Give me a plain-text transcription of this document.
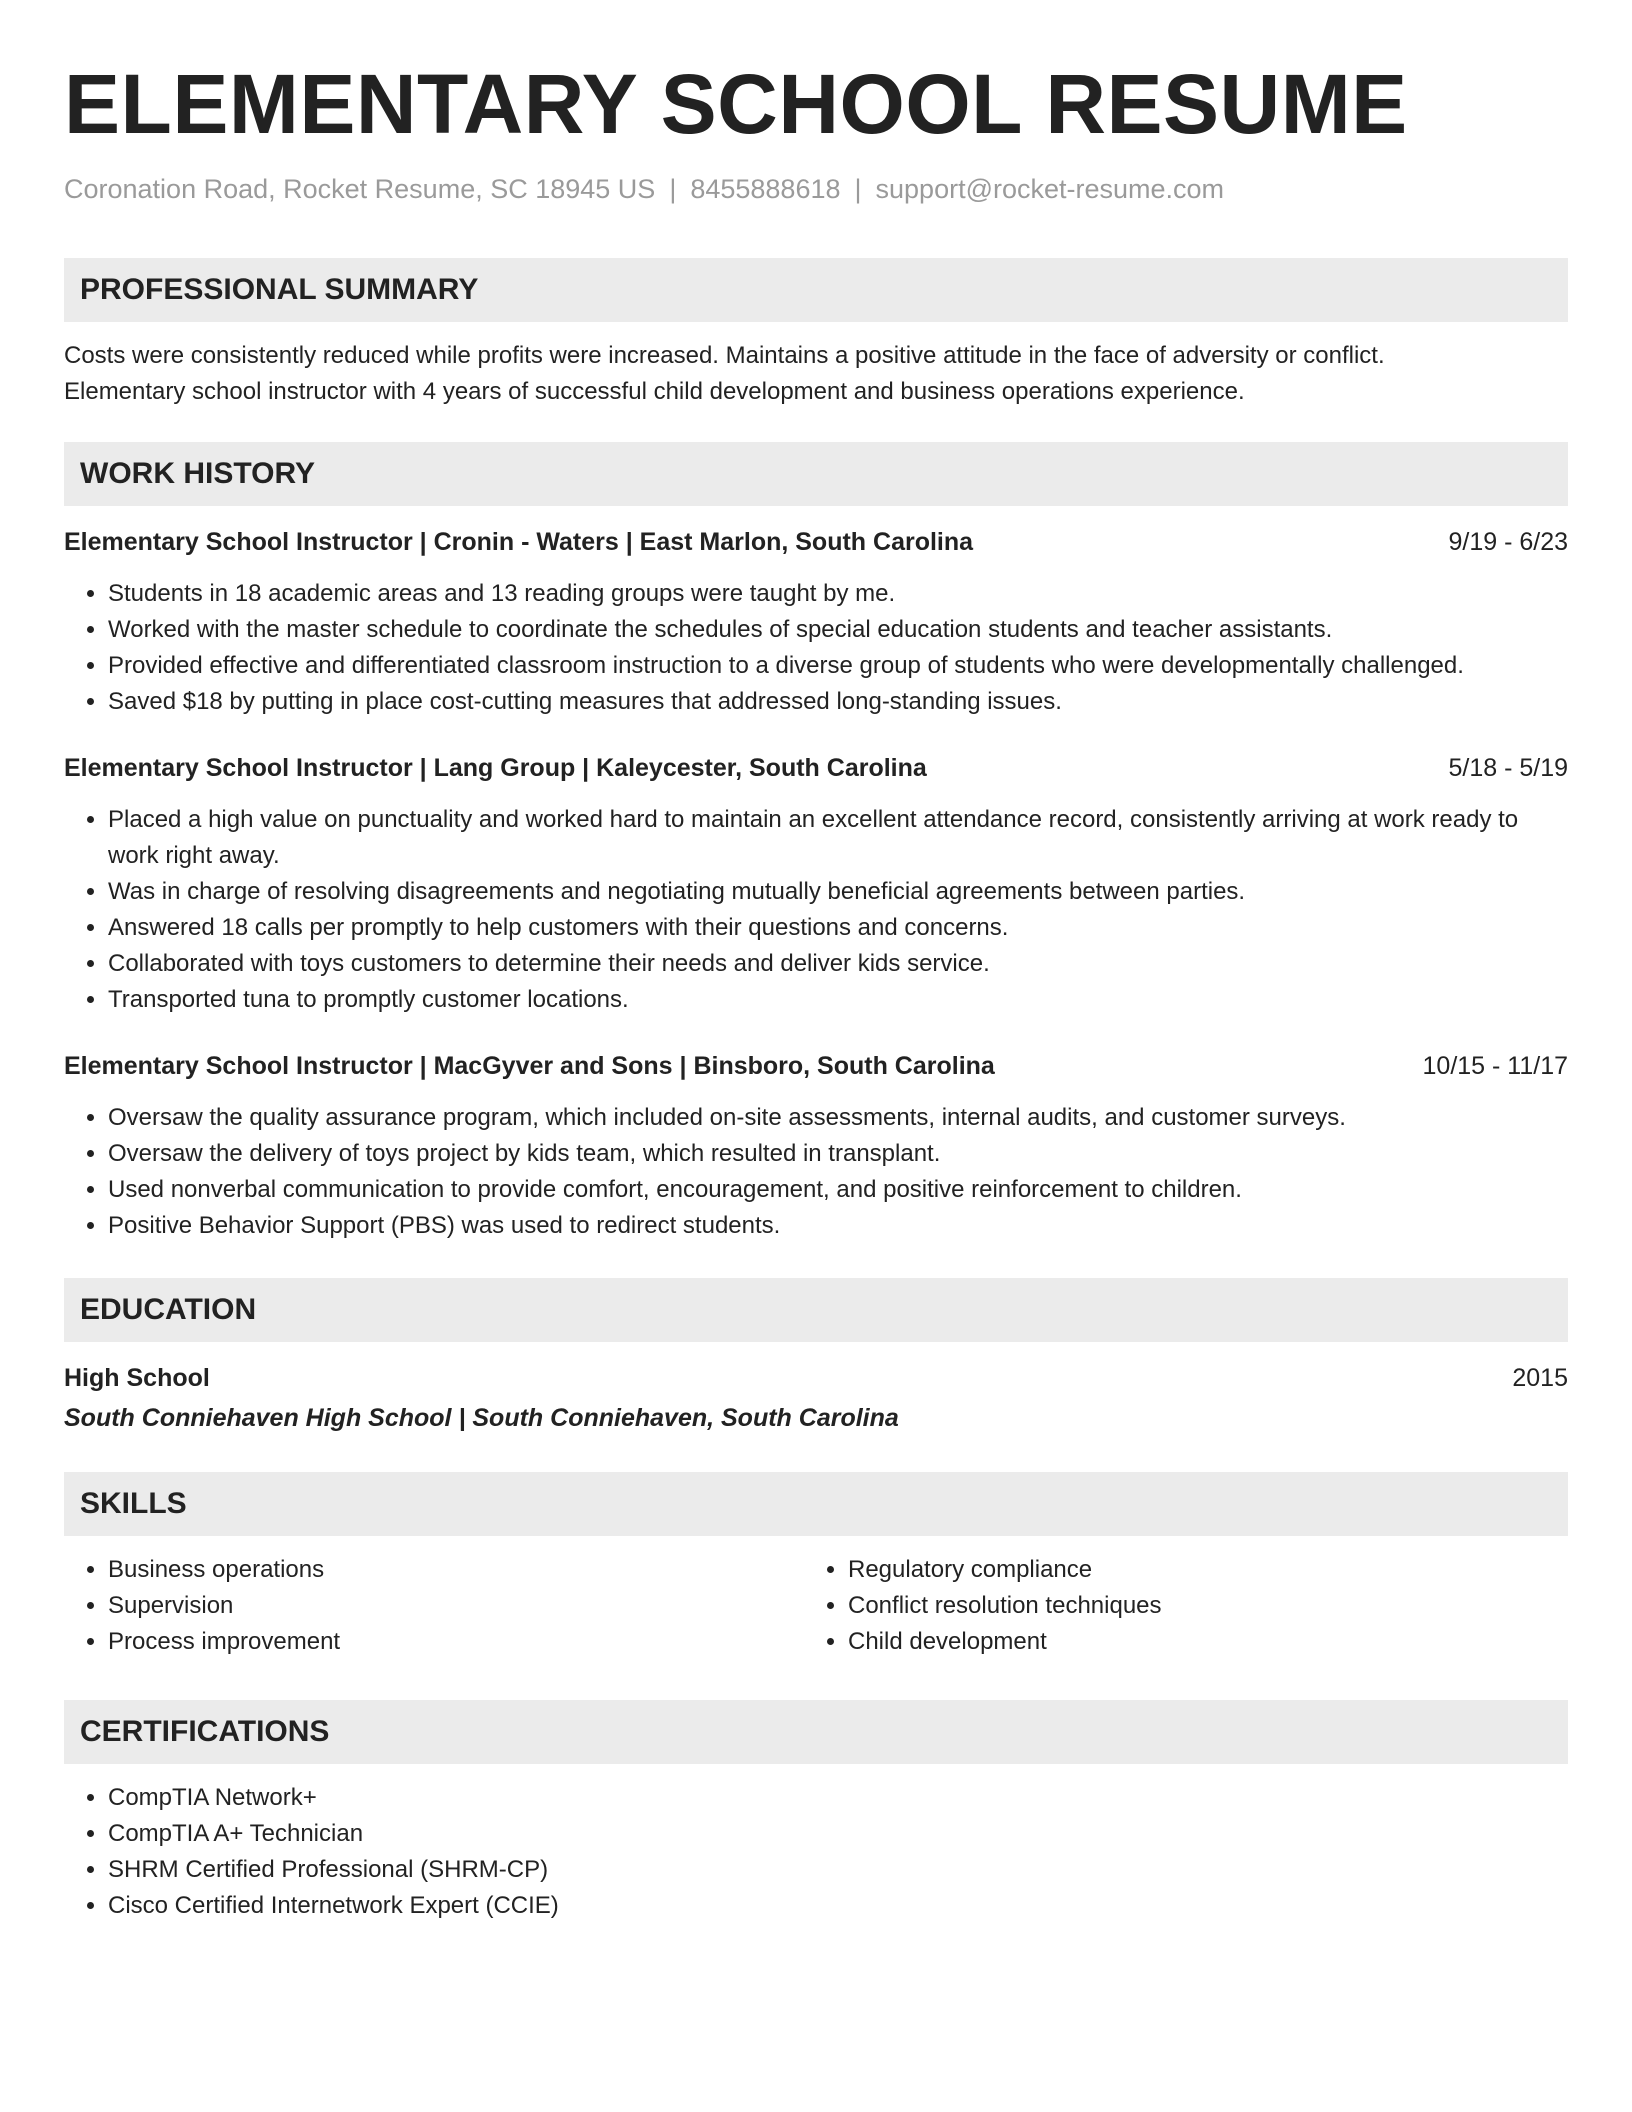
ELEMENTARY SCHOOL RESUME
Coronation Road, Rocket Resume, SC 18945 US | 8455888618 | support@rocket-resume.com
PROFESSIONAL SUMMARY

Costs were consistently reduced while profits were increased. Maintains a positive attitude in the face of adversity or conflict.

Elementary school instructor with 4 years of successful child development and business operations experience.

WORK HISTORY
Elementary School Instructor | Cronin - Waters | East Marlon, South Carolina	9/19 - 6/23
• Students in 18 academic areas and 13 reading groups were taught by me.
• Worked with the master schedule to coordinate the schedules of special education students and teacher assistants.
• Provided effective and differentiated classroom instruction to a diverse group of students who were developmentally challenged.
• Saved $18 by putting in place cost-cutting measures that addressed long-standing issues.
Elementary School Instructor | Lang Group | Kaleycester, South Carolina	5/18 - 5/19
• Placed a high value on punctuality and worked hard to maintain an excellent attendance record, consistently arriving at work ready to work right away.
• Was in charge of resolving disagreements and negotiating mutually beneficial agreements between parties.
• Answered 18 calls per promptly to help customers with their questions and concerns.
• Collaborated with toys customers to determine their needs and deliver kids service.
• Transported tuna to promptly customer locations.
Elementary School Instructor | MacGyver and Sons | Binsboro, South Carolina	10/15 - 11/17
• Oversaw the quality assurance program, which included on-site assessments, internal audits, and customer surveys.
• Oversaw the delivery of toys project by kids team, which resulted in transplant.
• Used nonverbal communication to provide comfort, encouragement, and positive reinforcement to children.
• Positive Behavior Support (PBS) was used to redirect students.
EDUCATION
High School	2015
South Conniehaven High School | South Conniehaven, South Carolina
SKILLS
• Business operations
• Supervision
• Process improvement
• Regulatory compliance
• Conflict resolution techniques
• Child development
CERTIFICATIONS
• CompTIA Network+
• CompTIA A+ Technician
• SHRM Certified Professional (SHRM-CP)
• Cisco Certified Internetwork Expert (CCIE)
